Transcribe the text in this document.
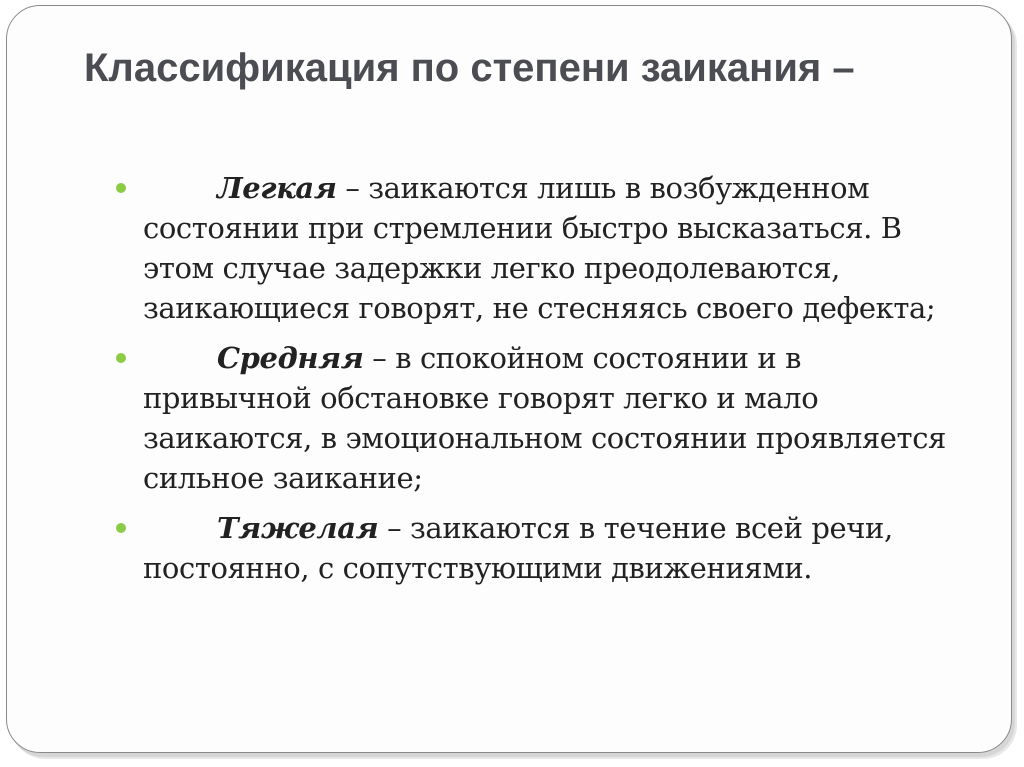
Классификация по степени заикания –
Легкая – заикаются лишь в возбужденном состоянии при стремлении быстро высказаться. В этом случае задержки легко преодолеваются, заикающиеся говорят, не стесняясь своего дефекта;
Средняя – в спокойном состоянии и в привычной обстановке говорят легко и мало заикаются, в эмоциональном состоянии проявляется сильное заикание;
Тяжелая – заикаются в течение всей речи, постоянно, с сопутствующими движениями.
